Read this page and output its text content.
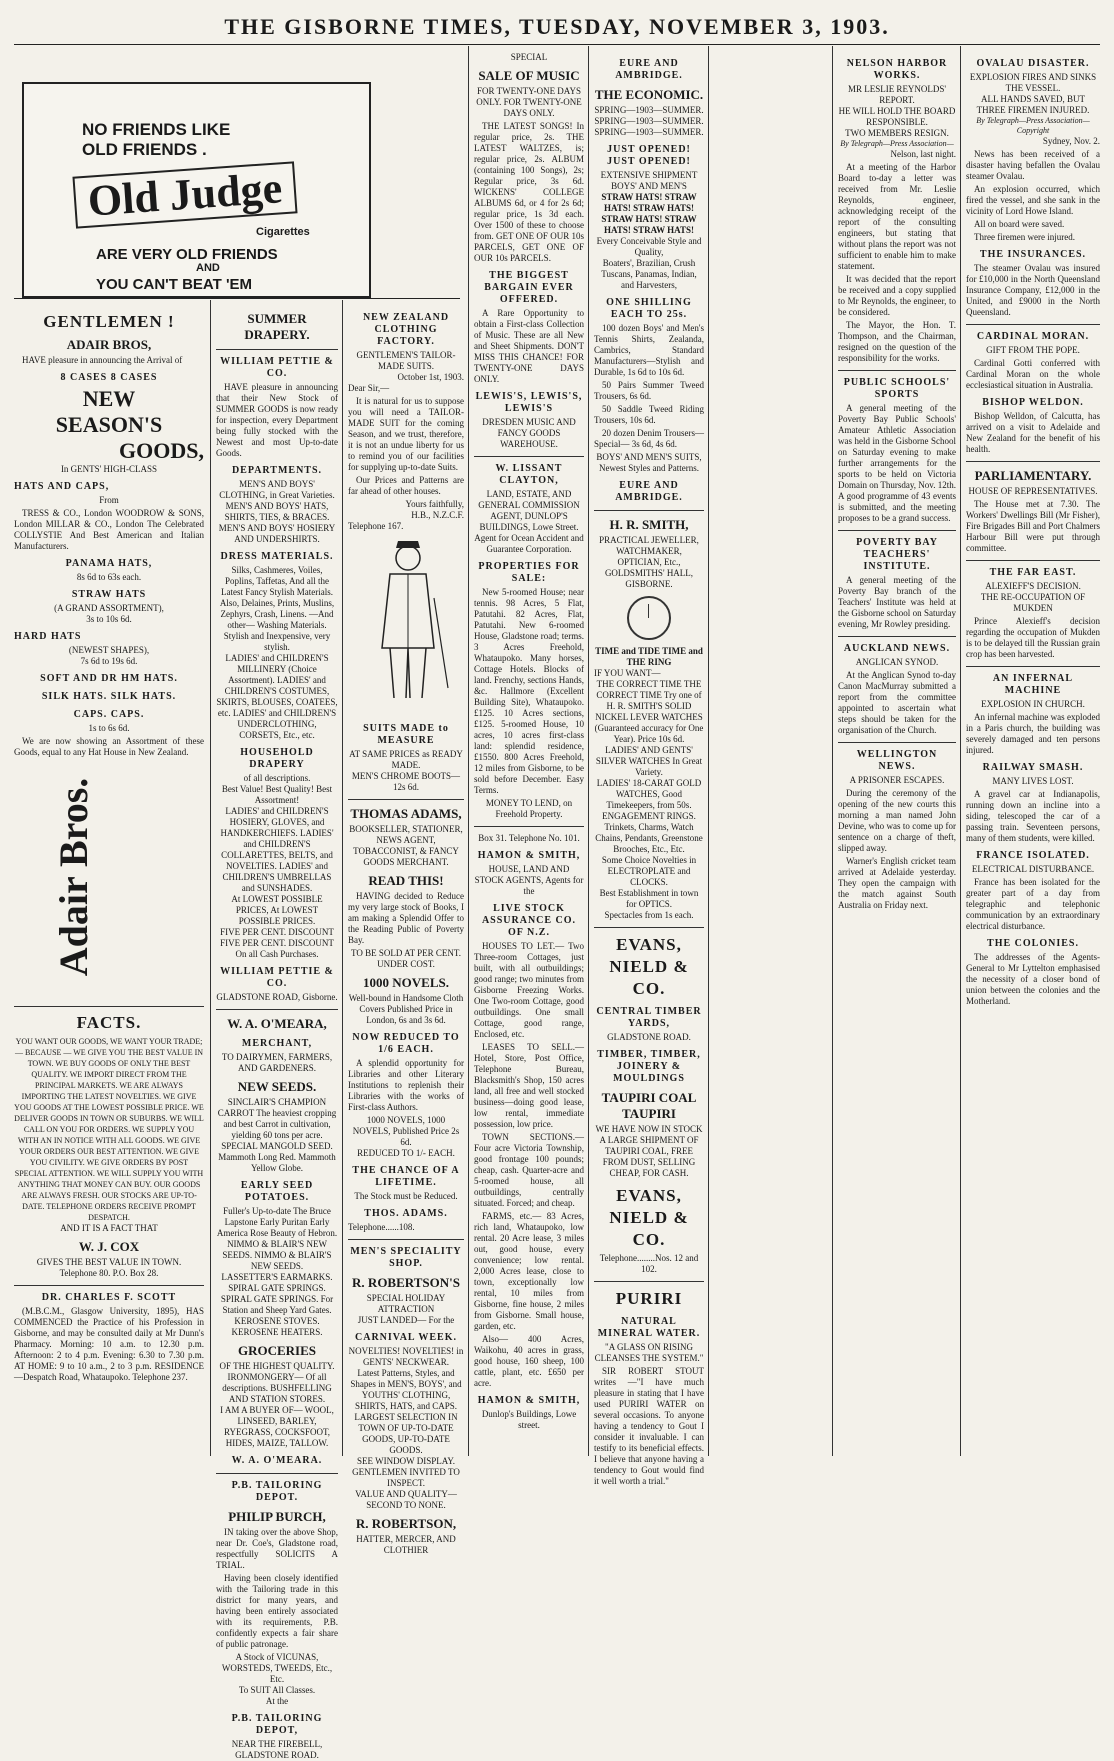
THE GISBORNE TIMES, TUESDAY, NOVEMBER 3, 1903.
NO FRIENDS LIKE
OLD FRIENDS .
Old Judge
Cigarettes
ARE VERY OLD FRIENDS
AND
YOU CAN'T BEAT 'EM
GENTLEMEN !
ADAIR BROS,
HAVE pleasure in announcing the Arrival of
8 CASES 8 CASES
NEW
SEASON'S
GOODS,
In GENTS' HIGH-CLASS
HATS AND CAPS,
From
TRESS & CO., London WOODROW & SONS, London MILLAR & CO., London The Celebrated COLLYSTIE And Best American and Italian Manufacturers.
PANAMA HATS,
8s 6d to 63s each.
STRAW HATS
(A GRAND ASSORTMENT),
3s to 10s 6d.
HARD HATS
(NEWEST SHAPES),
7s 6d to 19s 6d.
SOFT AND DR HM HATS.
SILK HATS. SILK HATS.
CAPS. CAPS.
1s to 6s 6d.
We are now showing an Assortment of these Goods, equal to any Hat House in New Zealand.
Adair Bros.
FACTS.
YOU WANT OUR GOODS, WE WANT YOUR TRADE; — BECAUSE — WE GIVE YOU THE BEST VALUE IN TOWN. WE BUY GOODS OF ONLY THE BEST QUALITY. WE IMPORT DIRECT FROM THE PRINCIPAL MARKETS. WE ARE ALWAYS IMPORTING THE LATEST NOVELTIES. WE GIVE YOU GOODS AT THE LOWEST POSSIBLE PRICE. WE DELIVER GOODS IN TOWN OR SUBURBS. WE WILL CALL ON YOU FOR ORDERS. WE SUPPLY YOU WITH AN IN NOTICE WITH ALL GOODS. WE GIVE YOUR ORDERS OUR BEST ATTENTION. WE GIVE YOU CIVILITY. WE GIVE ORDERS BY POST SPECIAL ATTENTION. WE WILL SUPPLY YOU WITH ANYTHING THAT MONEY CAN BUY. OUR GOODS ARE ALWAYS FRESH. OUR STOCKS ARE UP-TO-DATE. TELEPHONE ORDERS RECEIVE PROMPT DESPATCH.
AND IT IS A FACT THAT
W. J. COX
GIVES THE BEST VALUE IN TOWN.
Telephone 80. P.O. Box 28.
DR. CHARLES F. SCOTT
(M.B.C.M., Glasgow University, 1895), HAS COMMENCED the Practice of his Profession in Gisborne, and may be consulted daily at Mr Dunn's Pharmacy. Morning: 10 a.m. to 12.30 p.m. Afternoon: 2 to 4 p.m. Evening: 6.30 to 7.30 p.m. AT HOME: 9 to 10 a.m., 2 to 3 p.m. RESIDENCE—Despatch Road, Whataupoko. Telephone 237.
SUMMER DRAPERY.
WILLIAM PETTIE & CO.
HAVE pleasure in announcing that their New Stock of SUMMER GOODS is now ready for inspection, every Department being fully stocked with the Newest and most Up-to-date Goods.
DEPARTMENTS.
MEN'S AND BOYS' CLOTHING, in Great Varieties. MEN'S AND BOYS' HATS, SHIRTS, TIES, & BRACES. MEN'S AND BOYS' HOSIERY AND UNDERSHIRTS.
DRESS MATERIALS.
Silks, Cashmeres, Voiles, Poplins, Taffetas, And all the Latest Fancy Stylish Materials. Also, Delaines, Prints, Muslins, Zephyrs, Crash, Linens. —And other— Washing Materials. Stylish and Inexpensive, very stylish.
LADIES' and CHILDREN'S MILLINERY (Choice Assortment). LADIES' and CHILDREN'S COSTUMES, SKIRTS, BLOUSES, COATEES, etc. LADIES' and CHILDREN'S UNDERCLOTHING, CORSETS, Etc., etc.
HOUSEHOLD DRAPERY
of all descriptions.
Best Value! Best Quality! Best Assortment!
LADIES' and CHILDREN'S HOSIERY, GLOVES, and HANDKERCHIEFS. LADIES' and CHILDREN'S COLLARETTES, BELTS, and NOVELTIES. LADIES' and CHILDREN'S UMBRELLAS and SUNSHADES.
At LOWEST POSSIBLE PRICES, At LOWEST POSSIBLE PRICES.
FIVE PER CENT. DISCOUNT FIVE PER CENT. DISCOUNT On all Cash Purchases.
WILLIAM PETTIE & CO.
GLADSTONE ROAD, Gisborne.
W. A. O'MEARA,
MERCHANT,
TO DAIRYMEN, FARMERS, AND GARDENERS.
NEW SEEDS.
SINCLAIR'S CHAMPION CARROT The heaviest cropping and best Carrot in cultivation, yielding 60 tons per acre. SPECIAL MANGOLD SEED. Mammoth Long Red. Mammoth Yellow Globe.
EARLY SEED POTATOES.
Fuller's Up-to-date The Bruce Lapstone Early Puritan Early America Rose Beauty of Hebron.
NIMMO & BLAIR'S NEW SEEDS. NIMMO & BLAIR'S NEW SEEDS.
LASSETTER'S EARMARKS.
SPIRAL GATE SPRINGS. SPIRAL GATE SPRINGS. For Station and Sheep Yard Gates.
KEROSENE STOVES. KEROSENE HEATERS.
GROCERIES
OF THE HIGHEST QUALITY.
IRONMONGERY— Of all descriptions. BUSHFELLING AND STATION STORES.
I AM A BUYER OF— WOOL, LINSEED, BARLEY, RYEGRASS, COCKSFOOT, HIDES, MAIZE, TALLOW.
W. A. O'MEARA.
P.B. TAILORING DEPOT.
PHILIP BURCH,
IN taking over the above Shop, near Dr. Coe's, Gladstone road, respectfully SOLICITS A TRIAL.
Having been closely identified with the Tailoring trade in this district for many years, and having been entirely associated with its requirements, P.B. confidently expects a fair share of public patronage.
A Stock of VICUNAS, WORSTEDS, TWEEDS, Etc., Etc.
To SUIT All Classes.
At the
P.B. TAILORING DEPOT,
NEAR THE FIREBELL, GLADSTONE ROAD.
NEW ZEALAND CLOTHING FACTORY.
GENTLEMEN'S TAILOR-MADE SUITS.
October 1st, 1903.
Dear Sir,—
It is natural for us to suppose you will need a TAILOR-MADE SUIT for the coming Season, and we trust, therefore, it is not an undue liberty for us to remind you of our facilities for supplying up-to-date Suits.
Our Prices and Patterns are far ahead of other houses.
Yours faithfully,
H.B., N.Z.C.F.
Telephone 167.
SUITS MADE to MEASURE
AT SAME PRICES as READY MADE.
MEN'S CHROME BOOTS—12s 6d.
THOMAS ADAMS,
BOOKSELLER, STATIONER, NEWS AGENT, TOBACCONIST, & FANCY GOODS MERCHANT.
READ THIS!
HAVING decided to Reduce my very large stock of Books, I am making a Splendid Offer to the Reading Public of Poverty Bay.
TO BE SOLD AT PER CENT. UNDER COST.
1000 NOVELS.
Well-bound in Handsome Cloth Covers Published Price in London, 6s and 3s 6d.
NOW REDUCED TO 1/6 EACH.
A splendid opportunity for Libraries and other Literary Institutions to replenish their Libraries with the works of First-class Authors.
1000 NOVELS, 1000 NOVELS, Published Price 2s 6d.
REDUCED TO 1/- EACH.
THE CHANCE OF A LIFETIME.
The Stock must be Reduced.
THOS. ADAMS.
Telephone......108.
MEN'S SPECIALITY SHOP.
R. ROBERTSON'S
SPECIAL HOLIDAY ATTRACTION
JUST LANDED— For the
CARNIVAL WEEK.
NOVELTIES! NOVELTIES! in GENTS' NECKWEAR.
Latest Patterns, Styles, and Shapes in MEN'S, BOYS', and YOUTHS' CLOTHING, SHIRTS, HATS, and CAPS.
LARGEST SELECTION IN TOWN OF UP-TO-DATE GOODS, UP-TO-DATE GOODS.
SEE WINDOW DISPLAY.
GENTLEMEN INVITED TO INSPECT.
VALUE AND QUALITY—SECOND TO NONE.
R. ROBERTSON,
HATTER, MERCER, AND CLOTHIER
SPECIAL
SALE OF MUSIC
FOR TWENTY-ONE DAYS ONLY. FOR TWENTY-ONE DAYS ONLY.
THE LATEST SONGS! In regular price, 2s. THE LATEST WALTZES, is; regular price, 2s. ALBUM (containing 100 Songs), 2s; Regular price, 3s 6d. WICKENS' COLLEGE ALBUMS 6d, or 4 for 2s 6d; regular price, 1s 3d each. Over 1500 of these to choose from. GET ONE OF OUR 10s PARCELS, GET ONE OF OUR 10s PARCELS.
THE BIGGEST BARGAIN EVER OFFERED.
A Rare Opportunity to obtain a First-class Collection of Music. These are all New and Sheet Shipments. DON'T MISS THIS CHANCE! FOR TWENTY-ONE DAYS ONLY.
LEWIS'S, LEWIS'S, LEWIS'S
DRESDEN MUSIC AND FANCY GOODS WAREHOUSE.
W. LISSANT CLAYTON,
LAND, ESTATE, AND GENERAL COMMISSION AGENT, DUNLOP'S BUILDINGS, Lowe Street.
Agent for Ocean Accident and Guarantee Corporation.
PROPERTIES FOR SALE:
New 5-roomed House; near tennis. 98 Acres, 5 Flat, Patutahi. 82 Acres, Flat, Patutahi. New 6-roomed House, Gladstone road; terms. 3 Acres Freehold, Whataupoko. Many horses, Cottage Hotels. Blocks of land. Frenchy, sections Hands, &c. Hallmore (Excellent Building Site), Whataupoko. £125. 10 Acres sections, £125. 5-roomed House, 10 acres, 10 acres first-class land: splendid residence, £1550. 800 Acres Freehold, 12 miles from Gisborne, to be sold before December. Easy Terms.
MONEY TO LEND, on Freehold Property.
Box 31. Telephone No. 101.
HAMON & SMITH,
HOUSE, LAND AND STOCK AGENTS, Agents for the
LIVE STOCK ASSURANCE CO. OF N.Z.
HOUSES TO LET.— Two Three-room Cottages, just built, with all outbuildings; good range; two minutes from Gisborne Freezing Works. One Two-room Cottage, good outbuildings. One small Cottage, good range, Enclosed, etc.
LEASES TO SELL.— Hotel, Store, Post Office, Telephone Bureau, Blacksmith's Shop, 150 acres land, all free and well stocked business—doing good lease, low rental, immediate possession, low price.
TOWN SECTIONS.— Four acre Victoria Township, good frontage 100 pounds; cheap, cash. Quarter-acre and 5-roomed house, all outbuildings, centrally situated. Forced; and cheap.
FARMS, etc.— 83 Acres, rich land, Whataupoko, low rental. 20 Acre lease, 3 miles out, good house, every convenience; low rental. 2,000 Acres lease, close to town, exceptionally low rental, 10 miles from Gisborne, fine house, 2 miles from Gisborne. Small house, garden, etc.
Also— 400 Acres, Waikohu, 40 acres in grass, good house, 160 sheep, 100 cattle, plant, etc. £650 per acre.
HAMON & SMITH,
Dunlop's Buildings, Lowe street.
EURE AND AMBRIDGE.
THE ECONOMIC.
SPRING—1903—SUMMER. SPRING—1903—SUMMER. SPRING—1903—SUMMER.
JUST OPENED! JUST OPENED!
EXTENSIVE SHIPMENT BOYS' AND MEN'S
STRAW HATS! STRAW HATS! STRAW HATS! STRAW HATS! STRAW HATS! STRAW HATS!
Every Conceivable Style and Quality,
Boaters', Brazilian, Crush Tuscans, Panamas, Indian, and Harvesters,
ONE SHILLING EACH TO 25s.
100 dozen Boys' and Men's Tennis Shirts, Zealanda, Cambrics, Standard Manufacturers—Stylish and Durable, 1s 6d to 10s 6d.
50 Pairs Summer Tweed Trousers, 6s 6d.
50 Saddle Tweed Riding Trousers, 10s 6d.
20 dozen Denim Trousers—Special— 3s 6d, 4s 6d.
BOYS' AND MEN'S SUITS, Newest Styles and Patterns.
EURE AND AMBRIDGE.
H. R. SMITH,
PRACTICAL JEWELLER, WATCHMAKER, OPTICIAN, Etc., GOLDSMITHS' HALL, GISBORNE.
TIME and TIDE TIME and THE RING
IF YOU WANT—
THE CORRECT TIME THE CORRECT TIME Try one of H. R. SMITH'S SOLID NICKEL LEVER WATCHES
(Guaranteed accuracy for One Year). Price 10s 6d.
LADIES' AND GENTS' SILVER WATCHES In Great Variety.
LADIES' 18-CARAT GOLD WATCHES, Good Timekeepers, from 50s.
ENGAGEMENT RINGS. Trinkets, Charms, Watch Chains, Pendants, Greenstone Brooches, Etc., Etc.
Some Choice Novelties in ELECTROPLATE and CLOCKS.
Best Establishment in town for OPTICS.
Spectacles from 1s each.
EVANS, NIELD & CO.
CENTRAL TIMBER YARDS,
GLADSTONE ROAD.
TIMBER, TIMBER, JOINERY & MOULDINGS
TAUPIRI COAL TAUPIRI
WE HAVE NOW IN STOCK A LARGE SHIPMENT OF TAUPIRI COAL, FREE FROM DUST, SELLING CHEAP, FOR CASH.
EVANS, NIELD & CO.
Telephone........Nos. 12 and 102.
PURIRI
NATURAL MINERAL WATER.
"A GLASS ON RISING CLEANSES THE SYSTEM."
SIR ROBERT STOUT writes —"I have much pleasure in stating that I have used PURIRI WATER on several occasions. To anyone having a tendency to Gout I consider it invaluable. I can testify to its beneficial effects. I believe that anyone having a tendency to Gout would find it well worth a trial."
NELSON HARBOR WORKS.
MR LESLIE REYNOLDS' REPORT.
HE WILL HOLD THE BOARD RESPONSIBLE.
TWO MEMBERS RESIGN.
By Telegraph—Press Association—
Nelson, last night.
At a meeting of the Harbor Board to-day a letter was received from Mr. Leslie Reynolds, engineer, acknowledging receipt of the report of the consulting engineers, but stating that without plans the report was not sufficient to enable him to make statement.
It was decided that the report be received and a copy supplied to Mr Reynolds, the engineer, to be considered.
The Mayor, the Hon. T. Thompson, and the Chairman, resigned on the question of the responsibility for the works.
PUBLIC SCHOOLS' SPORTS
A general meeting of the Poverty Bay Public Schools' Amateur Athletic Association was held in the Gisborne School on Saturday evening to make further arrangements for the sports to be held on Victoria Domain on Thursday, Nov. 12th. A good programme of 43 events is submitted, and the meeting proposes to be a grand success.
POVERTY BAY TEACHERS' INSTITUTE.
A general meeting of the Poverty Bay branch of the Teachers' Institute was held at the Gisborne school on Saturday evening, Mr Rowley presiding.
AUCKLAND NEWS.
ANGLICAN SYNOD.
At the Anglican Synod to-day Canon MacMurray submitted a report from the committee appointed to ascertain what steps should be taken for the organisation of the Church.
WELLINGTON NEWS.
A PRISONER ESCAPES.
During the ceremony of the opening of the new courts this morning a man named John Devine, who was to come up for sentence on a charge of theft, slipped away.
Warner's English cricket team arrived at Adelaide yesterday. They open the campaign with the match against South Australia on Friday next.
OVALAU DISASTER.
EXPLOSION FIRES AND SINKS THE VESSEL.
ALL HANDS SAVED, BUT THREE FIREMEN INJURED.
By Telegraph—Press Association—Copyright
Sydney, Nov. 2.
News has been received of a disaster having befallen the Ovalau steamer Ovalau.
An explosion occurred, which fired the vessel, and she sank in the vicinity of Lord Howe Island.
All on board were saved.
Three firemen were injured.
THE INSURANCES.
The steamer Ovalau was insured for £10,000 in the North Queensland Insurance Company, £12,000 in the United, and £9000 in the North Queensland.
CARDINAL MORAN.
GIFT FROM THE POPE.
Cardinal Gotti conferred with Cardinal Moran on the whole ecclesiastical situation in Australia.
BISHOP WELDON.
Bishop Welldon, of Calcutta, has arrived on a visit to Adelaide and New Zealand for the benefit of his health.
PARLIAMENTARY.
HOUSE OF REPRESENTATIVES.
The House met at 7.30. The Workers' Dwellings Bill (Mr Fisher), Fire Brigades Bill and Port Chalmers Harbour Bill were put through committee.
THE FAR EAST.
ALEXIEFF'S DECISION.
THE RE-OCCUPATION OF MUKDEN
Prince Alexieff's decision regarding the occupation of Mukden is to be delayed till the Russian grain crop has been harvested.
AN INFERNAL MACHINE
EXPLOSION IN CHURCH.
An infernal machine was exploded in a Paris church, the building was severely damaged and ten persons injured.
RAILWAY SMASH.
MANY LIVES LOST.
A gravel car at Indianapolis, running down an incline into a siding, telescoped the car of a passing train. Seventeen persons, many of them students, were killed.
FRANCE ISOLATED.
ELECTRICAL DISTURBANCE.
France has been isolated for the greater part of a day from telegraphic and telephonic communication by an extraordinary electrical disturbance.
THE COLONIES.
The addresses of the Agents-General to Mr Lyttelton emphasised the necessity of a closer bond of union between the colonies and the Motherland.
